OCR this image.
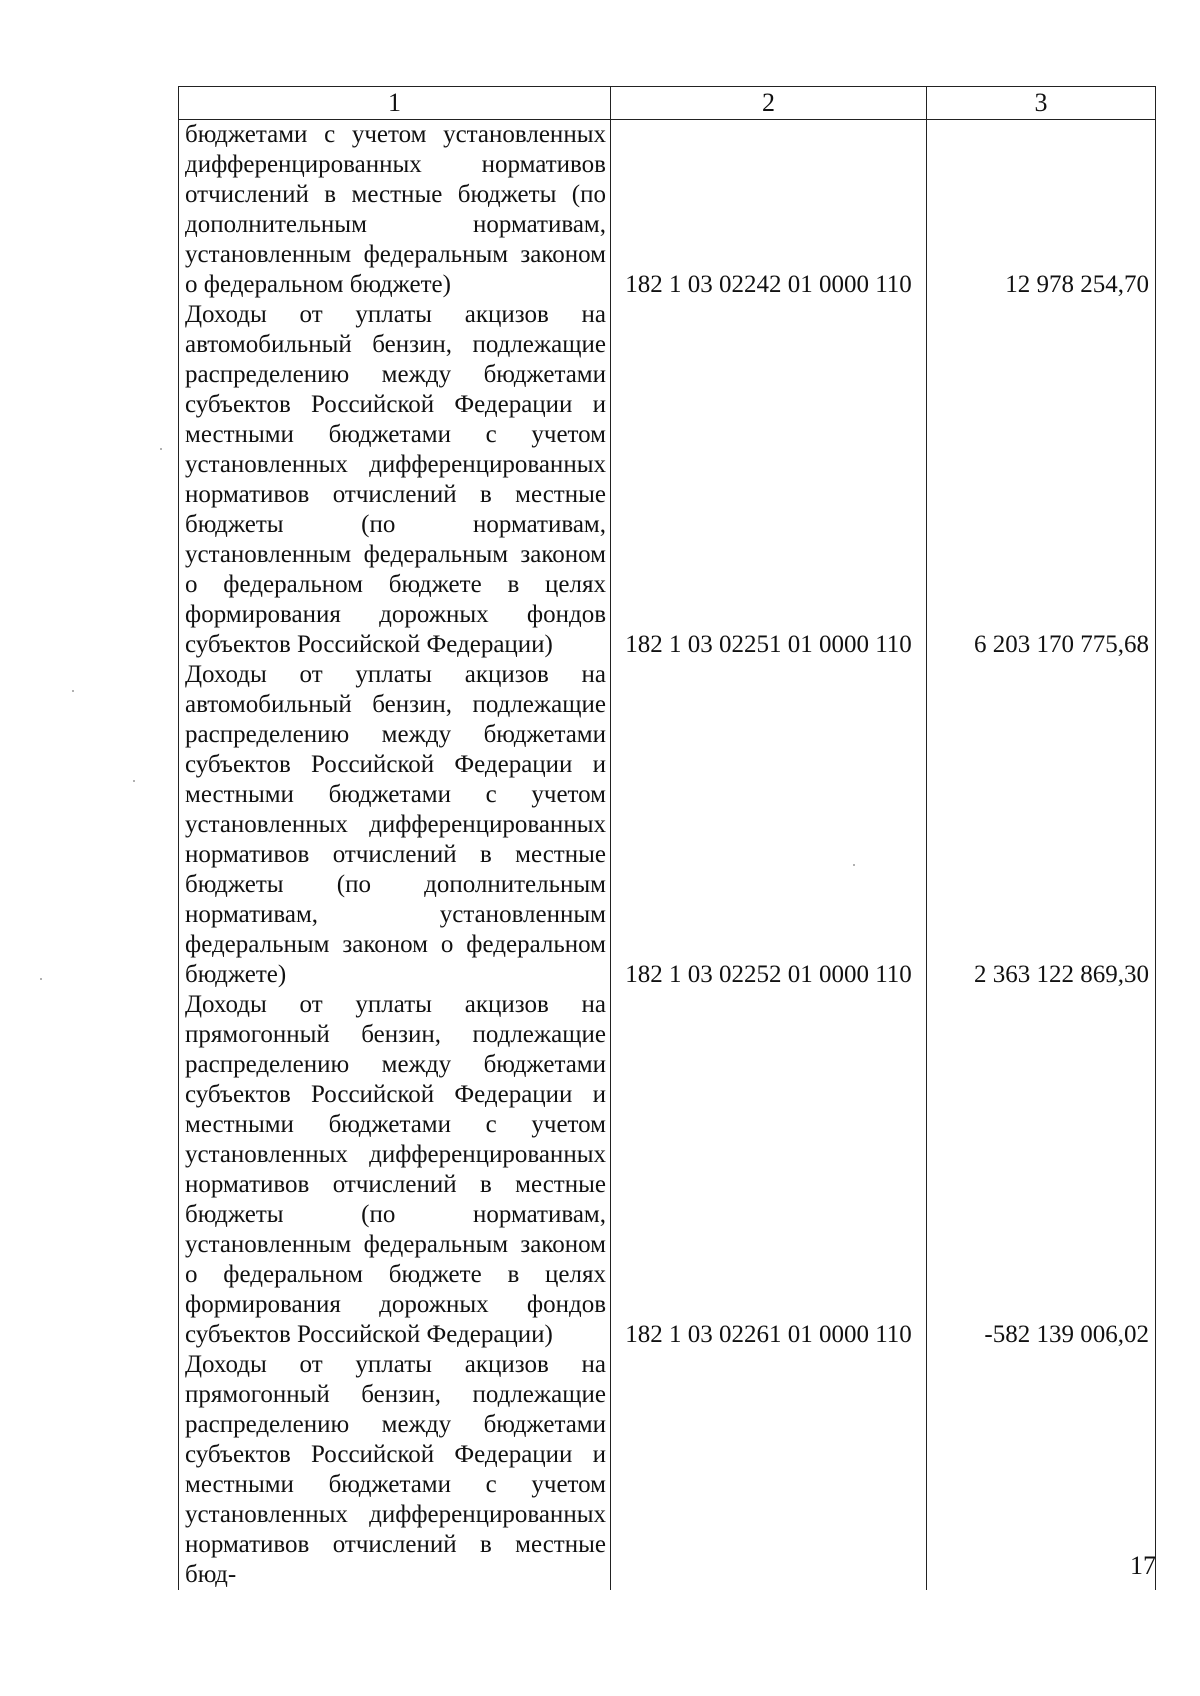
1	2	3
бюджетами с учетом установленных дифференцированных нормативов отчислений в местные бюджеты (по дополнительным нормативам, установленным федеральным законом о федеральном бюджете)	182 1 03 02242 01 0000 110	12 978 254,70
Доходы от уплаты акцизов на автомобильный бензин, подлежащие распределению между бюджетами субъектов Российской Федерации и местными бюджетами с учетом установленных дифференцированных нормативов отчислений в местные бюджеты (по нормативам, установленным федеральным законом о федеральном бюджете в целях формирования дорожных фондов субъектов Российской Федерации)	182 1 03 02251 01 0000 110	6 203 170 775,68
Доходы от уплаты акцизов на автомобильный бензин, подлежащие распределению между бюджетами субъектов Российской Федерации и местными бюджетами с учетом установленных дифференцированных нормативов отчислений в местные бюджеты (по дополнительным нормативам, установленным федеральным законом о федеральном бюджете)	182 1 03 02252 01 0000 110	2 363 122 869,30
Доходы от уплаты акцизов на прямогонный бензин, подлежащие распределению между бюджетами субъектов Российской Федерации и местными бюджетами с учетом установленных дифференцированных нормативов отчислений в местные бюджеты (по нормативам, установленным федеральным законом о федеральном бюджете в целях формирования дорожных фондов субъектов Российской Федерации)	182 1 03 02261 01 0000 110	-582 139 006,02
Доходы от уплаты акцизов на прямогонный бензин, подлежащие распределению между бюджетами субъектов Российской Федерации и местными бюджетами с учетом установленных дифференцированных нормативов отчислений в местные бюд-			17
